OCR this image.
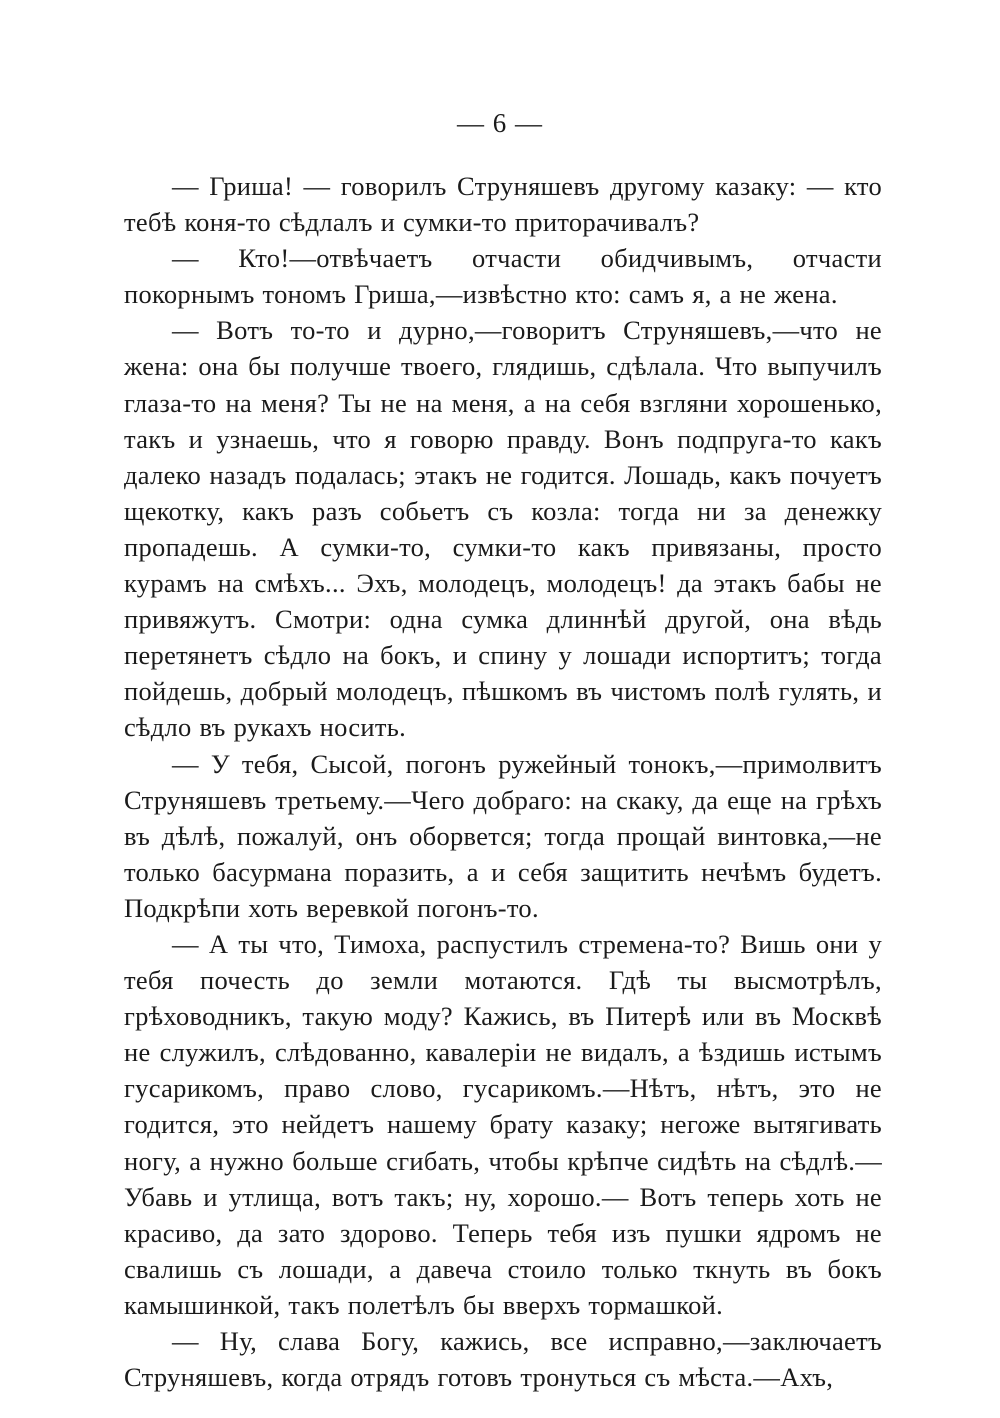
— 6 —

— Гриша! — говорилъ Струняшевъ другому казаку: — кто тебѣ коня-то сѣдлалъ и сумки-то приторачивалъ?

— Кто!—отвѣчаетъ отчасти обидчивымъ, отчасти покорнымъ тономъ Гриша,—извѣстно кто: самъ я, а не жена.

— Вотъ то-то и дурно,—говоритъ Струняшевъ,—что не жена: она бы получше твоего, глядишь, сдѣлала. Что выпучилъ глаза-то на меня? Ты не на меня, а на себя взгляни хорошенько, такъ и узнаешь, что я говорю правду. Вонъ подпруга-то какъ далеко назадъ подалась; этакъ не годится. Лошадь, какъ почуетъ щекотку, какъ разъ собьетъ съ козла: тогда ни за денежку пропадешь. А сумки-то, сумки-то какъ привязаны, просто курамъ на смѣхъ... Эхъ, молодецъ, молодецъ! да этакъ бабы не привяжутъ. Смотри: одна сумка длиннѣй другой, она вѣдь перетянетъ сѣдло на бокъ, и спину у лошади испортитъ; тогда пойдешь, добрый молодецъ, пѣшкомъ въ чистомъ полѣ гулять, и сѣдло въ рукахъ носить.

— У тебя, Сысой, погонъ ружейный тонокъ,—примолвитъ Струняшевъ третьему.—Чего добраго: на скаку, да еще на грѣхъ въ дѣлѣ, пожалуй, онъ оборвется; тогда прощай винтовка,—не только басурмана поразить, а и себя защитить нечѣмъ будетъ. Подкрѣпи хоть веревкой погонъ-то.

— А ты что, Тимоха, распустилъ стремена-то? Вишь они у тебя почесть до земли мотаются. Гдѣ ты высмотрѣлъ, грѣховодникъ, такую моду? Кажись, въ Питерѣ или въ Москвѣ не служилъ, слѣдованно, кавалеріи не видалъ, а ѣздишь истымъ гусарикомъ, право слово, гусарикомъ.—Нѣтъ, нѣтъ, это не годится, это нейдетъ нашему брату казаку; негоже вытягивать ногу, а нужно больше сгибать, чтобы крѣпче сидѣть на сѣдлѣ.—Убавь и утлища, вотъ такъ; ну, хорошо.— Вотъ теперь хоть не красиво, да зато здорово. Теперь тебя изъ пушки ядромъ не свалишь съ лошади, а давеча стоило только ткнуть въ бокъ камышинкой, такъ полетѣлъ бы вверхъ тормашкой.

— Ну, слава Богу, кажись, все исправно,—заключаетъ Струняшевъ, когда отрядъ готовъ тронуться съ мѣста.—Ахъ,
